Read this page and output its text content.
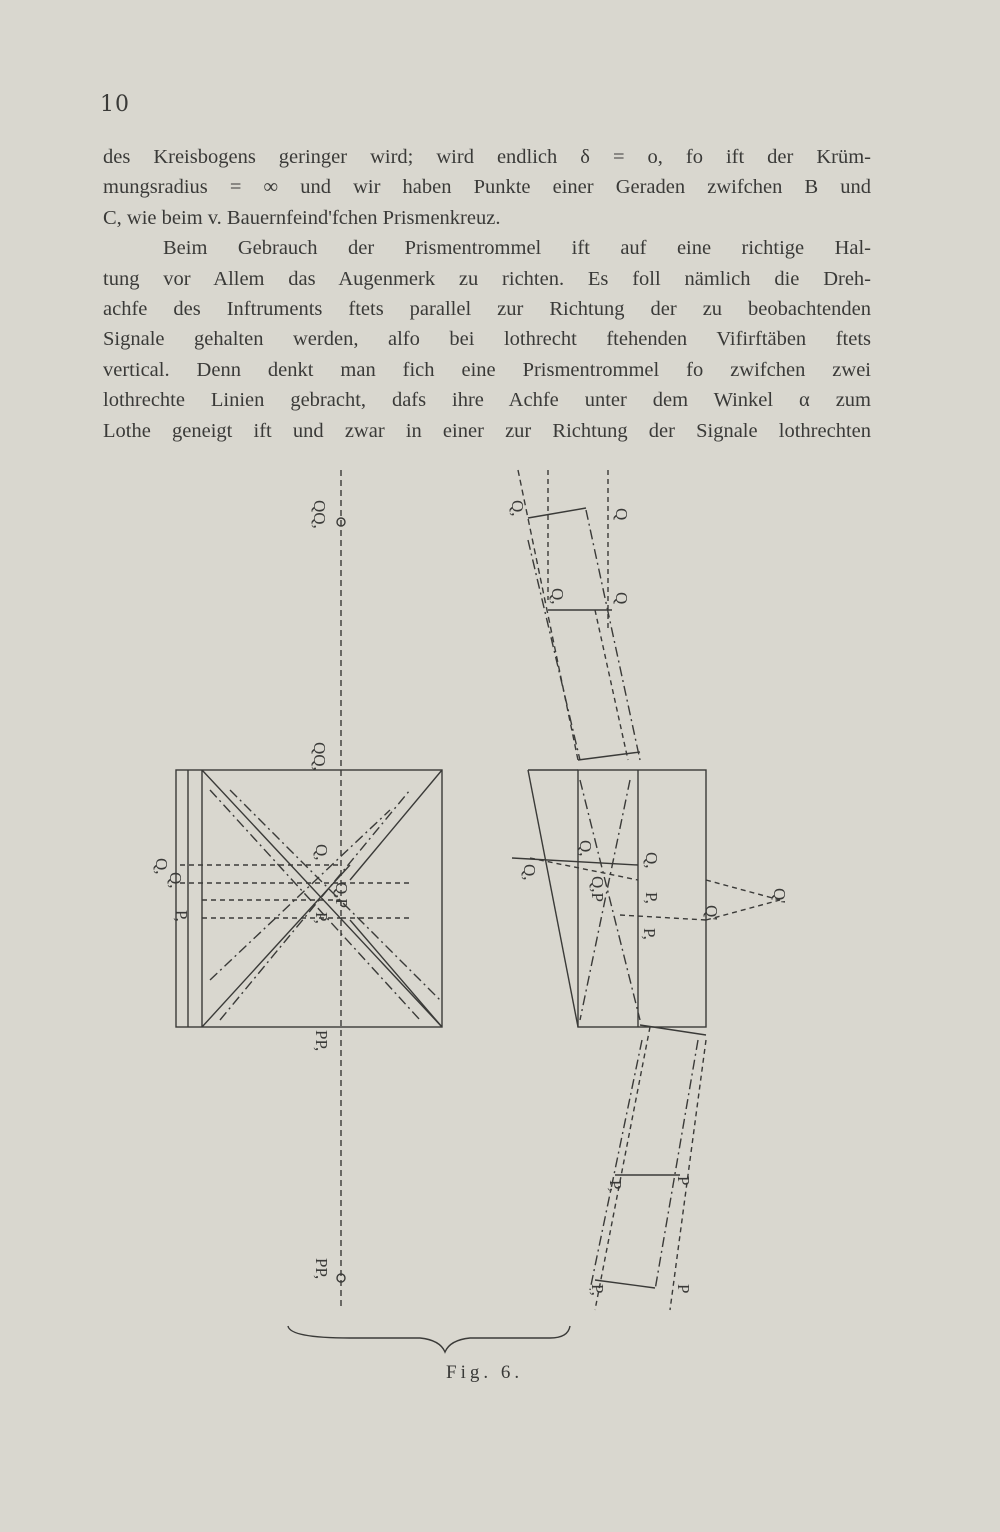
10
des Kreisbogens geringer wird; wird endlich δ = o, fo ift der Krüm-
mungsradius = ∞ und wir haben Punkte einer Geraden zwifchen B und
C, wie beim v. Bauernfeind'fchen Prismenkreuz.
Beim Gebrauch der Prismentrommel ift auf eine richtige Hal-
tung vor Allem das Augenmerk zu richten. Es foll nämlich die Dreh-
achfe des Inftruments ftets parallel zur Richtung der zu beobachtenden
Signale gehalten werden, alfo bei lothrecht ftehenden Vifirftäben ftets
vertical. Denn denkt man fich eine Prismentrommel fo zwifchen zwei
lothrechte Linien gebracht, dafs ihre Achfe unter dem Winkel α zum
Lothe geneigt ift und zwar in einer zur Richtung der Signale lothrechten
QQ,
QQ,
Q,
Q,P
P,
PP,
PP,
Q,
Q,
P,
Q,	Q
Q,	Q
Q,
Q,
Q,P
Q,
P,	Q'
Q'
P,
P,	P
P,	P
Fig. 6.
